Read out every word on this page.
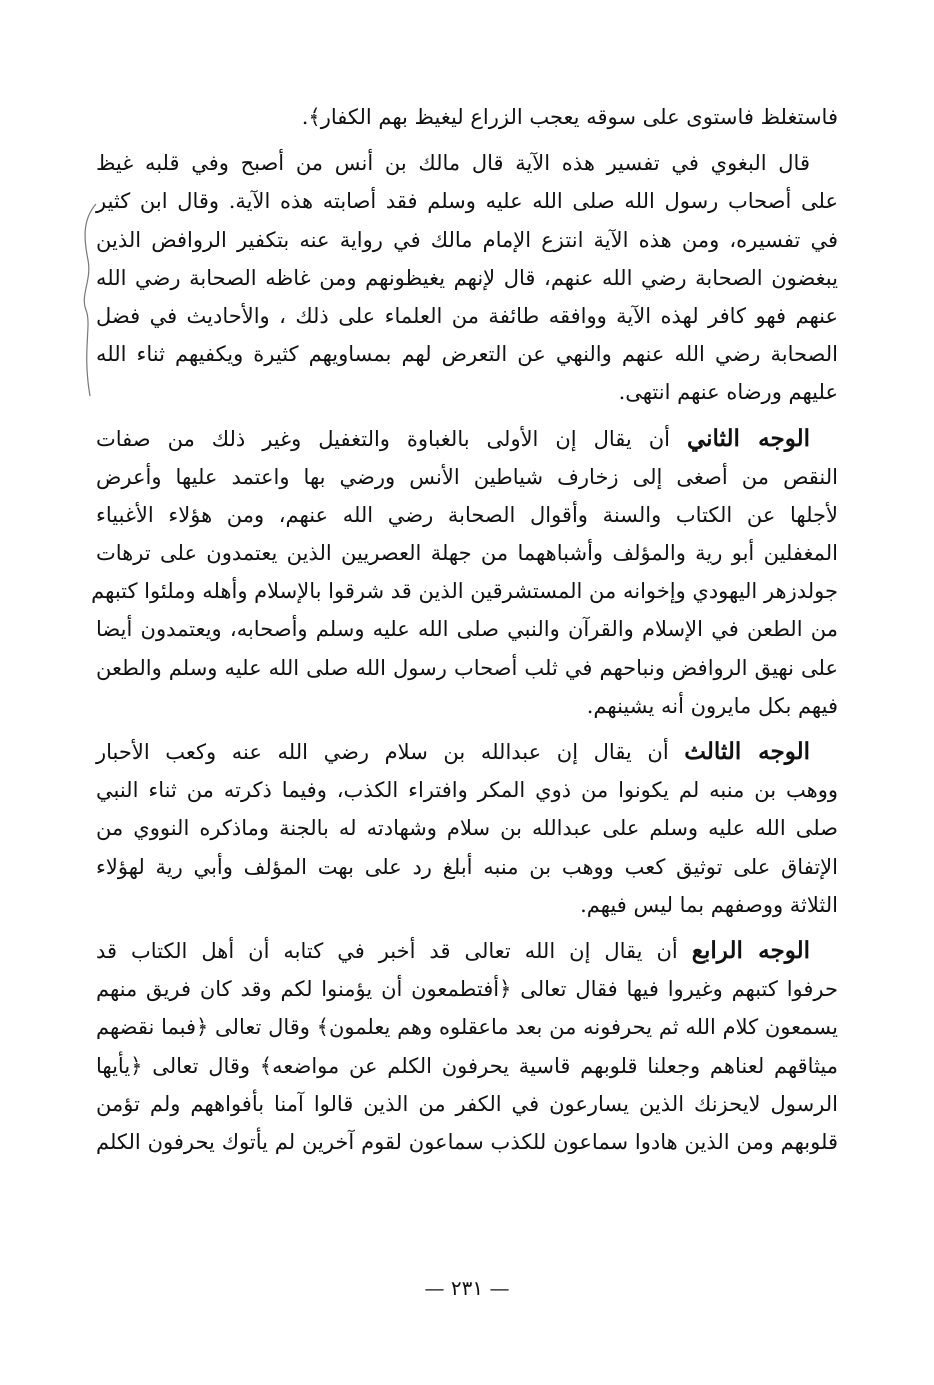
فاستغلظ فاستوى على سوقه يعجب الزراع ليغيظ بهم الكفار﴾.
قال البغوي في تفسير هذه الآية قال مالك بن أنس من أصبح وفي قلبه غيظ
على أصحاب رسول الله صلى الله عليه وسلم فقد أصابته هذه الآية. وقال ابن كثير
في تفسيره، ومن هذه الآية انتزع الإمام مالك في رواية عنه بتكفير الروافض الذين
يبغضون الصحابة رضي الله عنهم، قال لإنهم يغيظونهم ومن غاظه الصحابة رضي الله
عنهم فهو كافر لهذه الآية ووافقه طائفة من العلماء على ذلك ، والأحاديث في فضل
الصحابة رضي الله عنهم والنهي عن التعرض لهم بمساويهم كثيرة ويكفيهم ثناء الله
عليهم ورضاه عنهم انتهى.
الوجه الثاني أن يقال إن الأولى بالغباوة والتغفيل وغير ذلك من صفات
النقص من أصغى إلى زخارف شياطين الأنس ورضي بها واعتمد عليها وأعرض
لأجلها عن الكتاب والسنة وأقوال الصحابة رضي الله عنهم، ومن هؤلاء الأغبياء
المغفلين أبو رية والمؤلف وأشباههما من جهلة العصريين الذين يعتمدون على ترهات
جولدزهر اليهودي وإخوانه من المستشرقين الذين قد شرقوا بالإسلام وأهله وملئوا كتبهم
من الطعن في الإسلام والقرآن والنبي صلى الله عليه وسلم وأصحابه، ويعتمدون أيضا
على نهيق الروافض ونباحهم في ثلب أصحاب رسول الله صلى الله عليه وسلم والطعن
فيهم بكل مايرون أنه يشينهم.
الوجه الثالث أن يقال إن عبدالله بن سلام رضي الله عنه وكعب الأحبار
ووهب بن منبه لم يكونوا من ذوي المكر وافتراء الكذب، وفيما ذكرته من ثناء النبي
صلى الله عليه وسلم على عبدالله بن سلام وشهادته له بالجنة وماذكره النووي من
الإتفاق على توثيق كعب ووهب بن منبه أبلغ رد على بهت المؤلف وأبي رية لهؤلاء
الثلاثة ووصفهم بما ليس فيهم.
الوجه الرابع أن يقال إن الله تعالى قد أخبر في كتابه أن أهل الكتاب قد
حرفوا كتبهم وغيروا فيها فقال تعالى ﴿أفتطمعون أن يؤمنوا لكم وقد كان فريق منهم
يسمعون كلام الله ثم يحرفونه من بعد ماعقلوه وهم يعلمون﴾ وقال تعالى ﴿فبما نقضهم
ميثاقهم لعناهم وجعلنا قلوبهم قاسية يحرفون الكلم عن مواضعه﴾ وقال تعالى ﴿يأيها
الرسول لايحزنك الذين يسارعون في الكفر من الذين قالوا آمنا بأفواههم ولم تؤمن
قلوبهم ومن الذين هادوا سماعون للكذب سماعون لقوم آخرين لم يأتوك يحرفون الكلم
— ٢٣١ —
